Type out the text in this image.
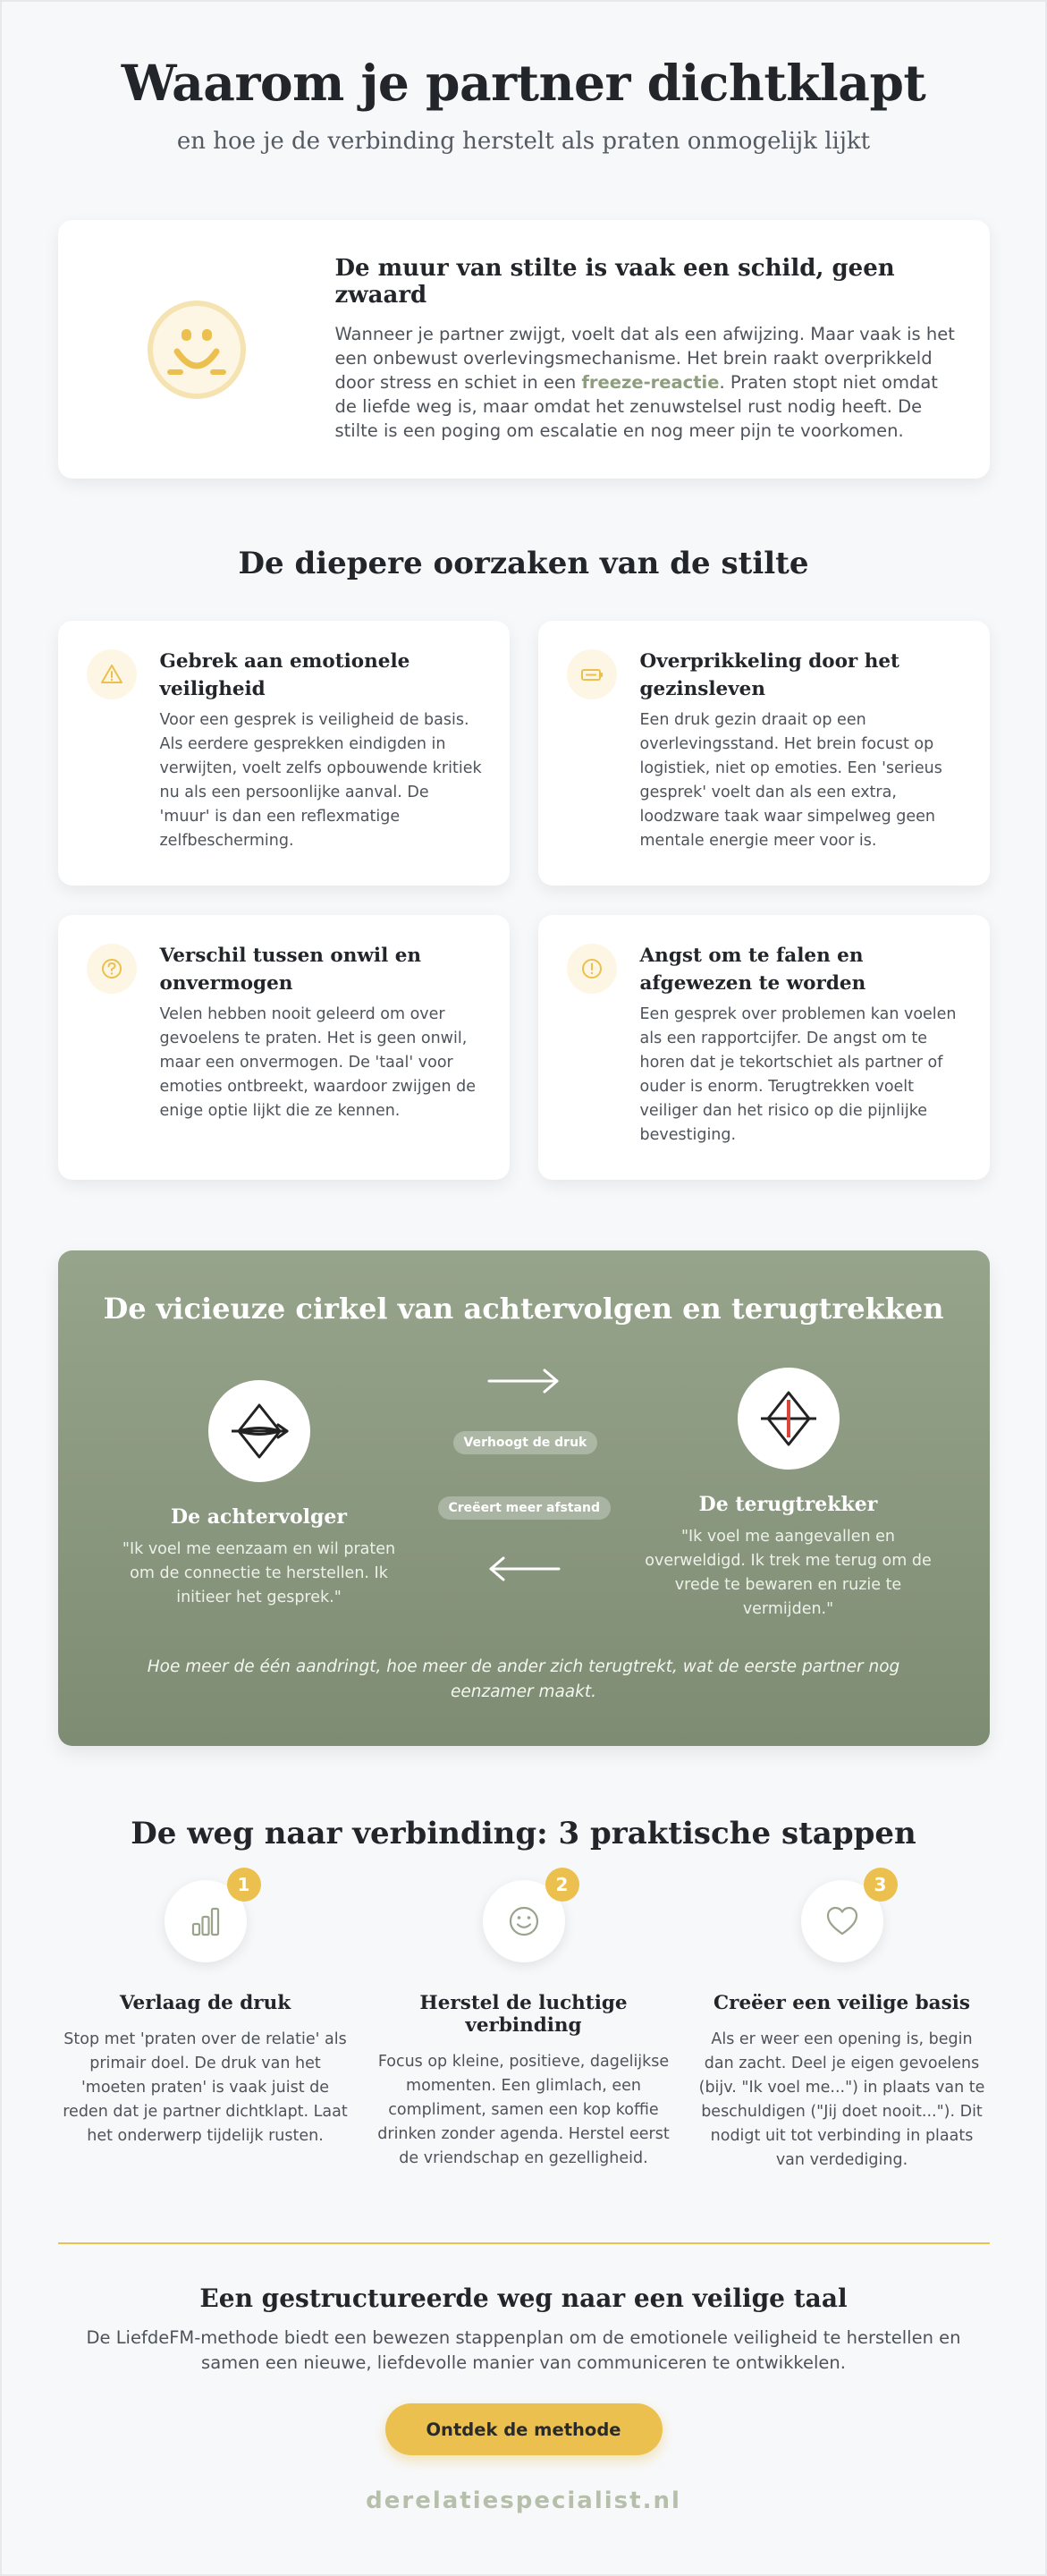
Waarom je partner dichtklapt
en hoe je de verbinding herstelt als praten onmogelijk lijkt
De muur van stilte is vaak een schild, geen zwaard

Wanneer je partner zwijgt, voelt dat als een afwijzing. Maar vaak is het een onbewust overlevingsmechanisme. Het brein raakt overprikkeld door stress en schiet in een freeze-reactie. Praten stopt niet omdat de liefde weg is, maar omdat het zenuwstelsel rust nodig heeft. De stilte is een poging om escalatie en nog meer pijn te voorkomen.

De diepere oorzaken van de stilte
Gebrek aan emotionele veiligheid

Voor een gesprek is veiligheid de basis. Als eerdere gesprekken eindigden in verwijten, voelt zelfs opbouwende kritiek nu als een persoonlijke aanval. De 'muur' is dan een reflexmatige zelfbescherming.

Overprikkeling door het gezinsleven

Een druk gezin draait op een overlevingsstand. Het brein focust op logistiek, niet op emoties. Een 'serieus gesprek' voelt dan als een extra, loodzware taak waar simpelweg geen mentale energie meer voor is.

Verschil tussen onwil en onvermogen

Velen hebben nooit geleerd om over gevoelens te praten. Het is geen onwil, maar een onvermogen. De 'taal' voor emoties ontbreekt, waardoor zwijgen de enige optie lijkt die ze kennen.

Angst om te falen en afgewezen te worden

Een gesprek over problemen kan voelen als een rapportcijfer. De angst om te horen dat je tekortschiet als partner of ouder is enorm. Terugtrekken voelt veiliger dan het risico op die pijnlijke bevestiging.

De vicieuze cirkel van achtervolgen en terugtrekken
De achtervolger

"Ik voel me eenzaam en wil praten om de connectie te herstellen. Ik initieer het gesprek."

De terugtrekker

"Ik voel me aangevallen en overweldigd. Ik trek me terug om de vrede te bewaren en ruzie te vermijden."

Verhoogt de druk
Creëert meer afstand
Hoe meer de één aandringt, hoe meer de ander zich terugtrekt, wat de eerste partner nog eenzamer maakt.
De weg naar verbinding: 3 praktische stappen
1
Verlaag de druk

Stop met 'praten over de relatie' als primair doel. De druk van het 'moeten praten' is vaak juist de reden dat je partner dichtklapt. Laat het onderwerp tijdelijk rusten.

2
Herstel de luchtige verbinding

Focus op kleine, positieve, dagelijkse momenten. Een glimlach, een compliment, samen een kop koffie drinken zonder agenda. Herstel eerst de vriendschap en gezelligheid.

3
Creëer een veilige basis

Als er weer een opening is, begin dan zacht. Deel je eigen gevoelens (bijv. "Ik voel me...") in plaats van te beschuldigen ("Jij doet nooit..."). Dit nodigt uit tot verbinding in plaats van verdediging.

Een gestructureerde weg naar een veilige taal
De LiefdeFM-methode biedt een bewezen stappenplan om de emotionele veiligheid te herstellen en samen een nieuwe, liefdevolle manier van communiceren te ontwikkelen.
Ontdek de methode
derelatiespecialist.nl
